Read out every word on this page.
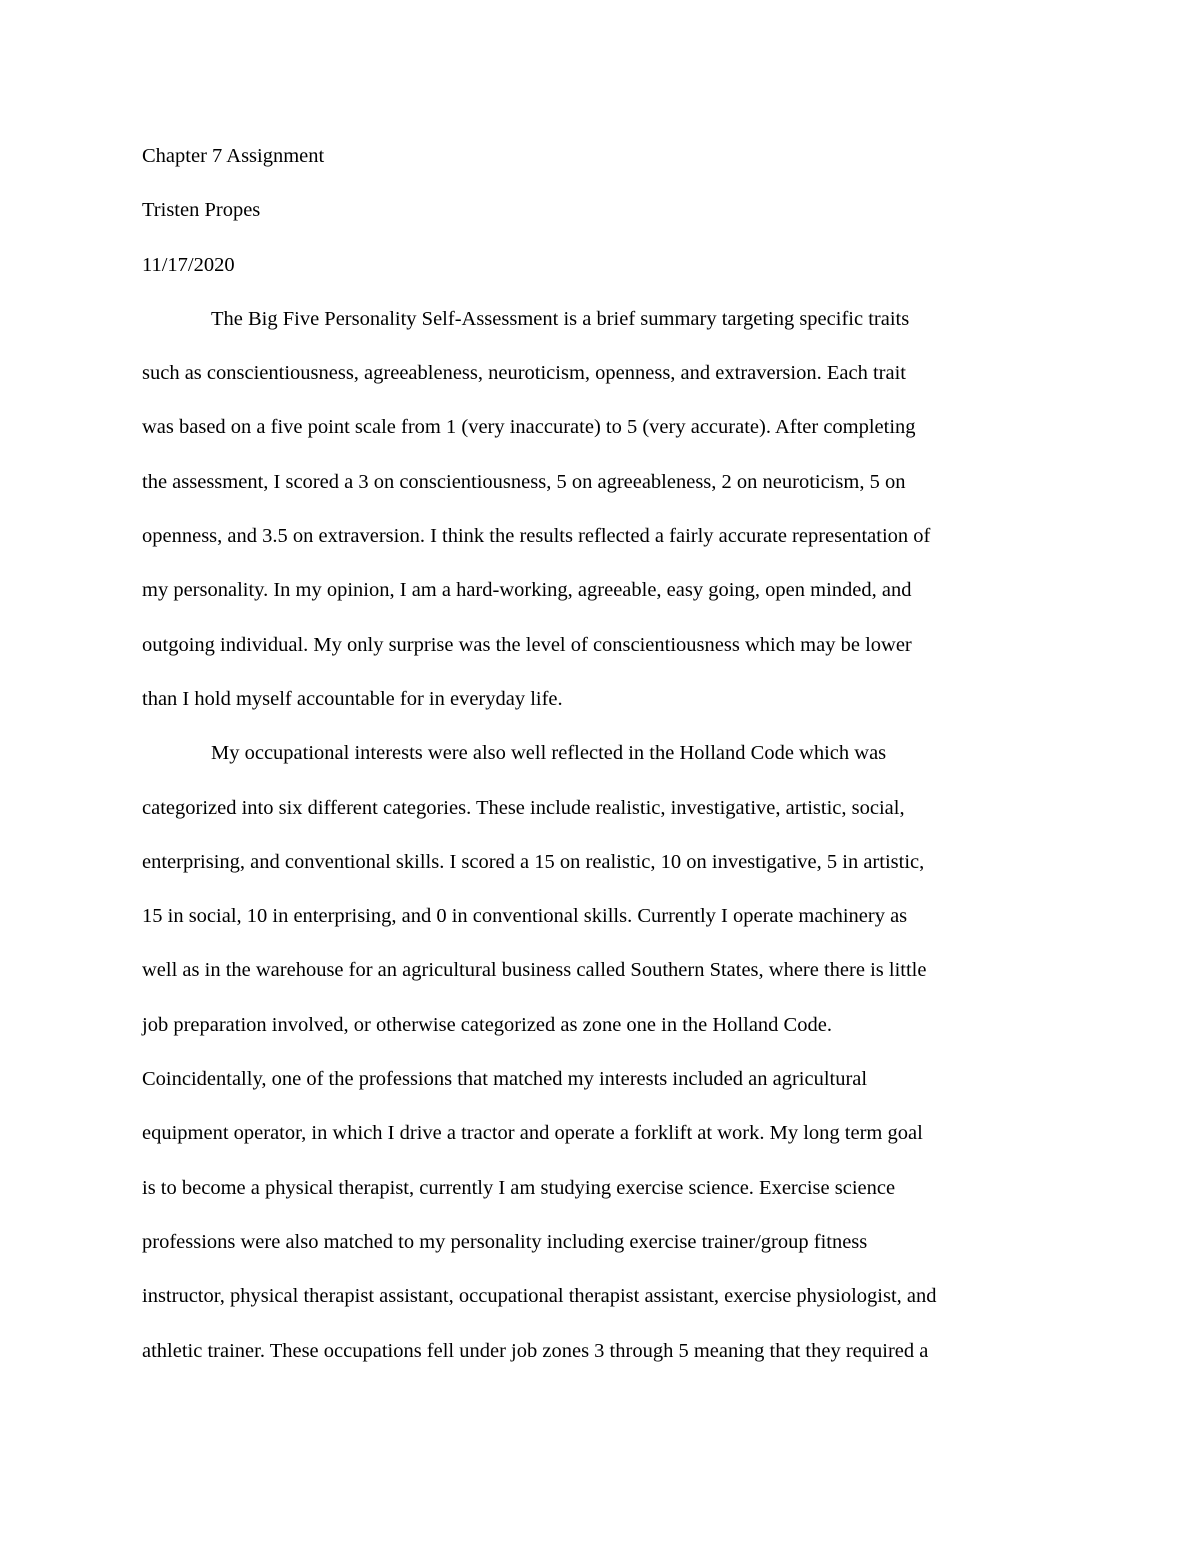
Chapter 7 Assignment
Tristen Propes
11/17/2020
The Big Five Personality Self-Assessment is a brief summary targeting specific traits
such as conscientiousness, agreeableness, neuroticism, openness, and extraversion. Each trait
was based on a five point scale from 1 (very inaccurate) to 5 (very accurate). After completing
the assessment, I scored a 3 on conscientiousness, 5 on agreeableness, 2 on neuroticism, 5 on
openness, and 3.5 on extraversion. I think the results reflected a fairly accurate representation of
my personality. In my opinion, I am a hard-working, agreeable, easy going, open minded, and
outgoing individual. My only surprise was the level of conscientiousness which may be lower
than I hold myself accountable for in everyday life.
My occupational interests were also well reflected in the Holland Code which was
categorized into six different categories. These include realistic, investigative, artistic, social,
enterprising, and conventional skills. I scored a 15 on realistic, 10 on investigative, 5 in artistic,
15 in social, 10 in enterprising, and 0 in conventional skills. Currently I operate machinery as
well as in the warehouse for an agricultural business called Southern States, where there is little
job preparation involved, or otherwise categorized as zone one in the Holland Code.
Coincidentally, one of the professions that matched my interests included an agricultural
equipment operator, in which I drive a tractor and operate a forklift at work. My long term goal
is to become a physical therapist, currently I am studying exercise science. Exercise science
professions were also matched to my personality including exercise trainer/group fitness
instructor, physical therapist assistant, occupational therapist assistant, exercise physiologist, and
athletic trainer. These occupations fell under job zones 3 through 5 meaning that they required a
